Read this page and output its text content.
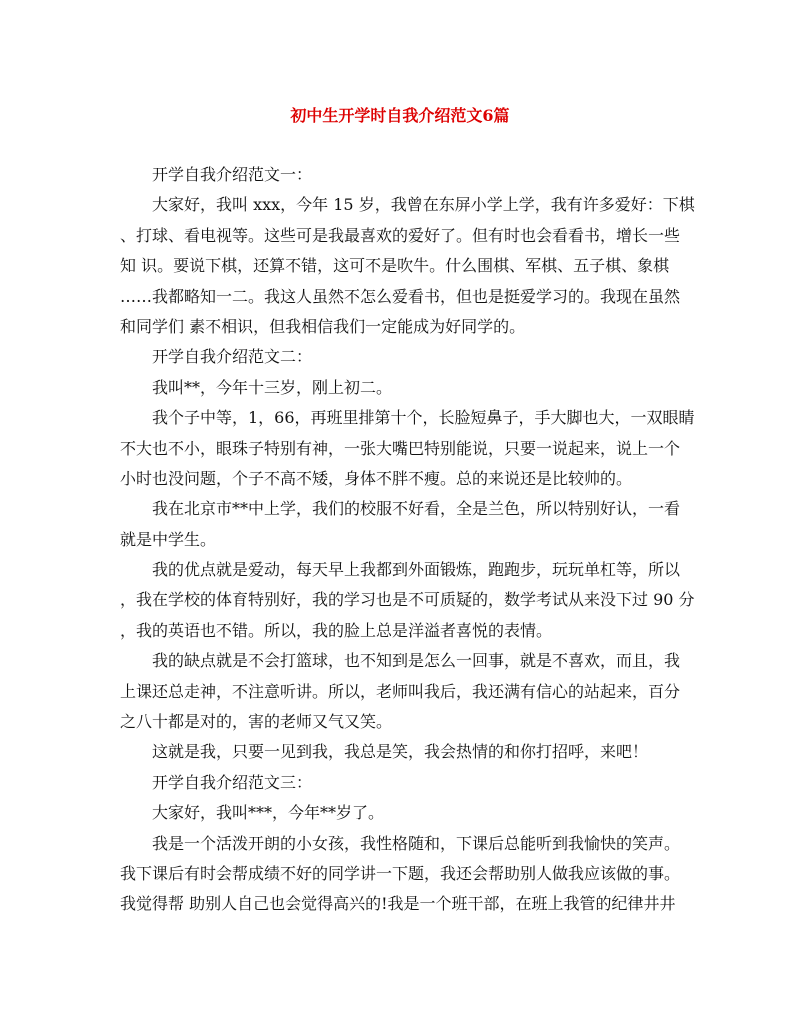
初中生开学时自我介绍范文6篇
开学自我介绍范文一：
大家好，我叫 xxx，今年 15 岁，我曾在东屏小学上学，我有许多爱好：下棋
、打球、看电视等。这些可是我最喜欢的爱好了。但有时也会看看书，增长一些
知 识。要说下棋，还算不错，这可不是吹牛。什么围棋、军棋、五子棋、象棋
……我都略知一二。我这人虽然不怎么爱看书，但也是挺爱学习的。我现在虽然
和同学们 素不相识，但我相信我们一定能成为好同学的。
开学自我介绍范文二：
我叫**，今年十三岁，刚上初二。
我个子中等，1，66，再班里排第十个，长脸短鼻子，手大脚也大，一双眼睛
不大也不小，眼珠子特别有神，一张大嘴巴特别能说，只要一说起来，说上一个
小时也没问题，个子不高不矮，身体不胖不瘦。总的来说还是比较帅的。
我在北京市**中上学，我们的校服不好看，全是兰色，所以特别好认，一看
就是中学生。
我的优点就是爱动，每天早上我都到外面锻炼，跑跑步，玩玩单杠等，所以
，我在学校的体育特别好，我的学习也是不可质疑的，数学考试从来没下过 90 分
，我的英语也不错。所以，我的脸上总是洋溢者喜悦的表情。
我的缺点就是不会打篮球，也不知到是怎么一回事，就是不喜欢，而且，我
上课还总走神，不注意听讲。所以，老师叫我后，我还满有信心的站起来，百分
之八十都是对的，害的老师又气又笑。
这就是我，只要一见到我，我总是笑，我会热情的和你打招呼，来吧！
开学自我介绍范文三：
大家好，我叫***，今年**岁了。
我是一个活泼开朗的小女孩，我性格随和，下课后总能听到我愉快的笑声。
我下课后有时会帮成绩不好的同学讲一下题，我还会帮助别人做我应该做的事。
我觉得帮 助别人自己也会觉得高兴的!我是一个班干部，在班上我管的纪律井井
